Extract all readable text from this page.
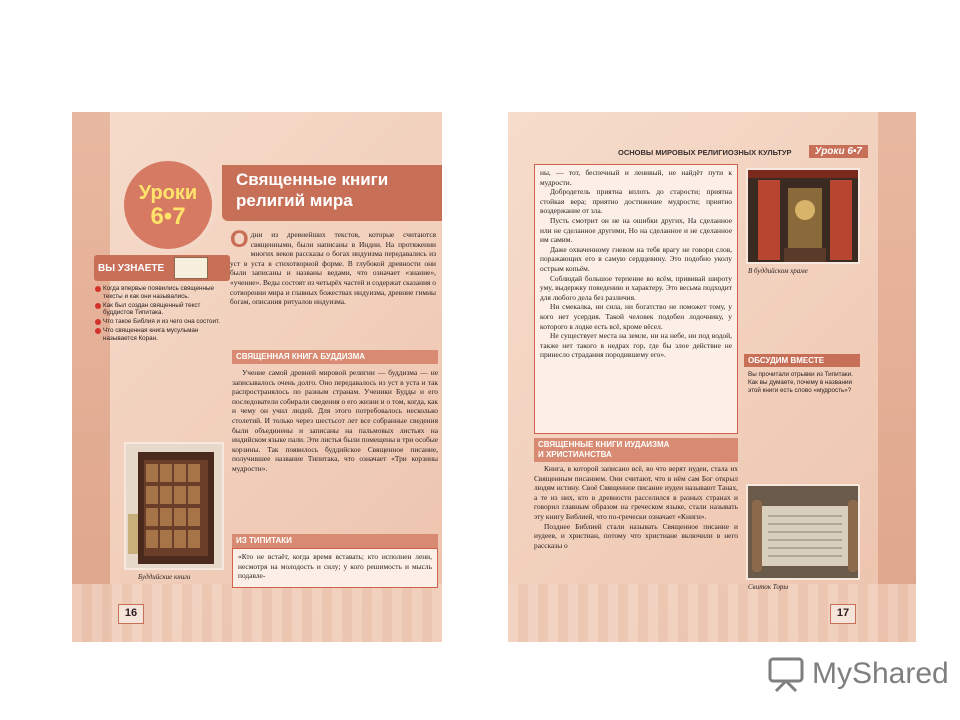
Уроки
6•7
Священные книги
религий мира
ВЫ УЗНАЕТЕ
Когда впервые появились священные тексты и как они назывались.
Как был создан священный текст буддистов Типитака.
Что такое Библия и из чего она состоит.
Что священная книга мусульман называется Коран.
О дни из древнейших текстов, которые считаются священными, были написаны в Индии. На протяжении многих веков рассказы о богах индуизма передавались из уст в уста в стихотворной форме. В глубокой древности они были записаны и названы ведами, что означает «знание», «учение». Веды состоят из четырёх частей и содержат сказания о сотворении мира и главных божествах индуизма, древние гимны богам, описания ритуалов индуизма.
СВЯЩЕННАЯ КНИГА БУДДИЗМА

Учение самой древней мировой религии — буддизма — не записывалось очень долго. Оно передавалось из уст в уста и так распространялось по разным странам. Ученики Будды и его последователи собирали сведения о его жизни и о том, когда, как и чему он учил людей. Для этого потребовалось несколько столетий. И только через шестьсот лет все собранные сведения были объединены и записаны на пальмовых листьях на индийском языке пали. Эти листья были помещены в три особые корзины. Так появилось буддийское Священное писание, получившее название Типитака, что означает «Три корзины мудрости».

ИЗ ТИПИТАКИ
«Кто не встаёт, когда время вставать; кто исполнен лени, несмотря на молодость и силу; у кого решимость и мысль подавле-
Буддийские книги
16
ОСНОВЫ МИРОВЫХ РЕЛИГИОЗНЫХ КУЛЬТУР	Уроки 6•7

ны, — тот, беспечный и ленивый, не найдёт пути к мудрости.

Добродетель приятна вплоть до старости; приятна стойкая вера; приятно достижение мудрости; приятно воздержание от зла.

Пусть смотрит он не на ошибки других, На сделанное или не сделанное другими, Но на сделанное и не сделанное им самим.

Даже охваченному гневом на тебя врагу не говори слов, поражающих его в самую сердцевину. Это подобно уколу острым копьём.

Соблюдай большое терпение во всём, прививай широту уму, выдержку поведению и характеру. Это весьма подходит для любого дела без различия.

Ни смекалка, ни сила, ни богатство не поможет тому, у кого нет усердия. Такой человек подобен лодочнику, у которого в лодке есть всё, кроме вёсел.

Не существует места на земле, ни на небе, ни под водой, также нет такого в недрах гор, где бы злое действие не принесло страдания породившему его».

В буддийском храме
ОБСУДИМ ВМЕСТЕ
Вы прочитали отрывки из Типитаки. Как вы думаете, почему в названии этой книги есть слово «мудрость»?
СВЯЩЕННЫЕ КНИГИ ИУДАИЗМА
И ХРИСТИАНСТВА

Книга, в которой записано всё, во что верят иудеи, стала их Священным писанием. Они считают, что в нём сам Бог открыл людям истину. Своё Священное писание иудеи называют Танах, а те из них, кто в древности расселился в разных странах и говорил главным образом на греческом языке, стали называть эту книгу Библией, что по-гречески означает «Книги».

Позднее Библией стали называть Священное писание и иудеев, и христиан, потому что христиане включили в него рассказы о

Свиток Торы
17
MyShared
